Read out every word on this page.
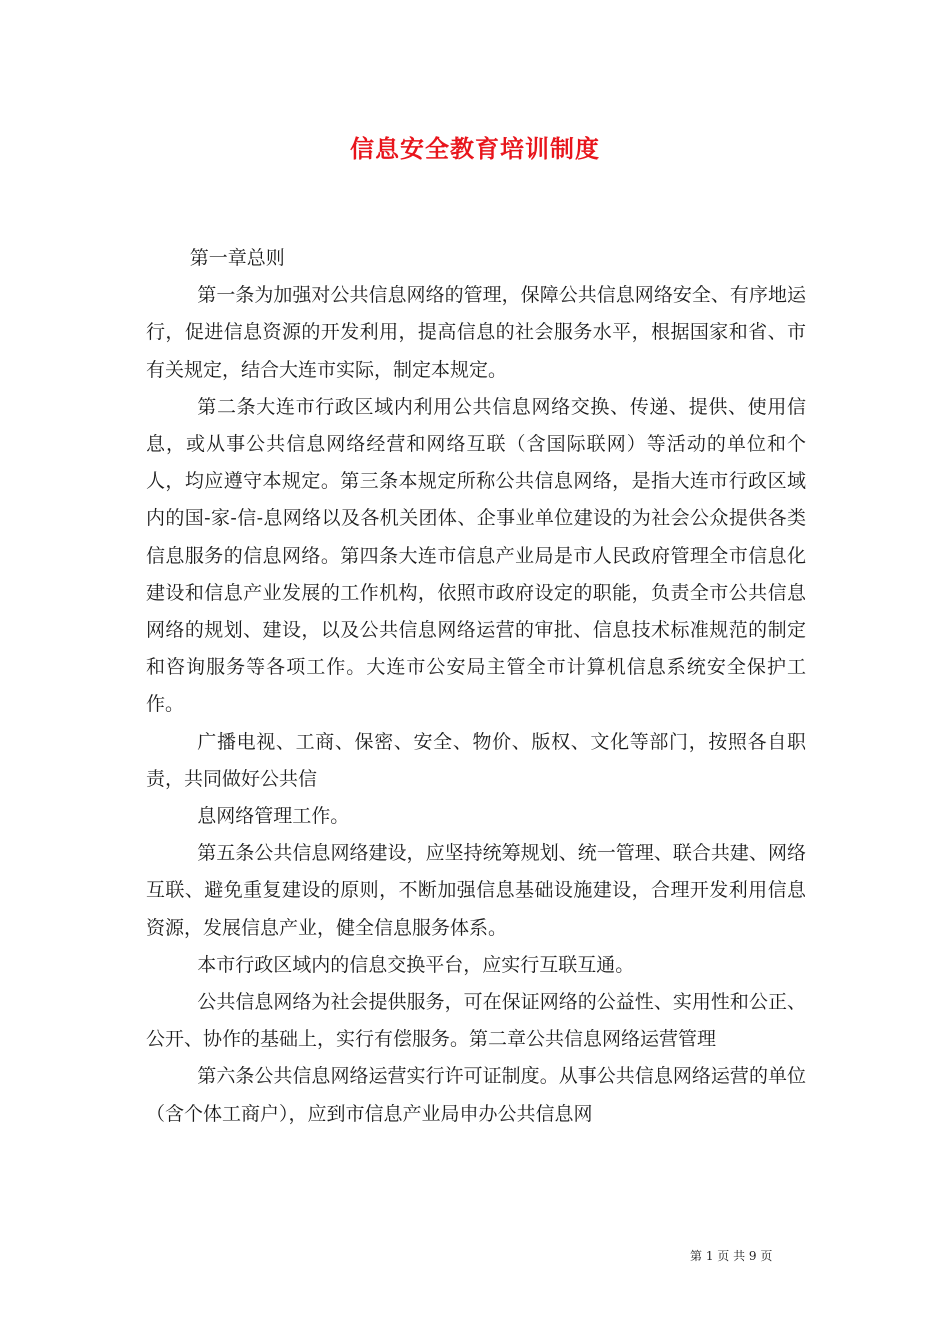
信息安全教育培训制度

第一章总则

第一条为加强对公共信息网络的管理，保障公共信息网络安全、有序地运行，促进信息资源的开发利用，提高信息的社会服务水平，根据国家和省、市有关规定，结合大连市实际，制定本规定。

第二条大连市行政区域内利用公共信息网络交换、传递、提供、使用信息，或从事公共信息网络经营和网络互联（含国际联网）等活动的单位和个人，均应遵守本规定。第三条本规定所称公共信息网络，是指大连市行政区域内的国-家-信-息网络以及各机关团体、企事业单位建设的为社会公众提供各类信息服务的信息网络。第四条大连市信息产业局是市人民政府管理全市信息化建设和信息产业发展的工作机构，依照市政府设定的职能，负责全市公共信息网络的规划、建设，以及公共信息网络运营的审批、信息技术标准规范的制定和咨询服务等各项工作。大连市公安局主管全市计算机信息系统安全保护工作。

广播电视、工商、保密、安全、物价、版权、文化等部门，按照各自职责，共同做好公共信

息网络管理工作。

第五条公共信息网络建设，应坚持统筹规划、统一管理、联合共建、网络互联、避免重复建设的原则，不断加强信息基础设施建设，合理开发利用信息资源，发展信息产业，健全信息服务体系。

本市行政区域内的信息交换平台，应实行互联互通。

公共信息网络为社会提供服务，可在保证网络的公益性、实用性和公正、公开、协作的基础上，实行有偿服务。第二章公共信息网络运营管理

第六条公共信息网络运营实行许可证制度。从事公共信息网络运营的单位（含个体工商户），应到市信息产业局申办公共信息网

第 1 页 共 9 页
